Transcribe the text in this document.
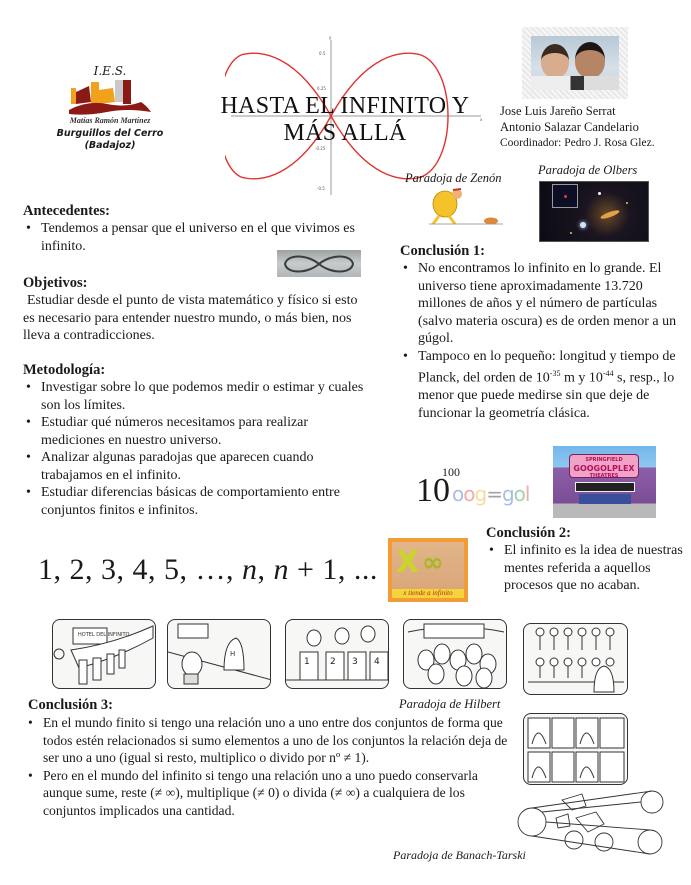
I.E.S.
Matías Ramón Martínez
Burguillos del Cerro
(Badajoz)
0.5
0.25
-0.25
-0.5
y
x
HASTA EL INFINITO Y
MÁS ALLÁ
Jose Luis Jareño Serrat
Antonio Salazar Candelario
Coordinador: Pedro J. Rosa Glez.
Paradoja de Zenón
Paradoja de Olbers
Antecedentes:
• Tendemos a pensar que el universo en el que vivimos es infinito.
Objetivos:
Estudiar desde el punto de vista matemático y físico si esto es necesario para entender nuestro mundo, o más bien, nos lleva a contradicciones.
Metodología:
• Investigar sobre lo que podemos medir o estimar y cuales son los límites.
• Estudiar qué números necesitamos para realizar mediciones en nuestro universo.
• Analizar algunas paradojas que aparecen cuando trabajamos en el infinito.
• Estudiar diferencias básicas de comportamiento entre conjuntos finitos e infinitos.
Conclusión 1:
• No encontramos lo infinito en lo grande. El universo tiene aproximadamente 13.720 millones de años y el número de partículas (salvo materia oscura) es de orden menor a un gúgol.
• Tampoco en lo pequeño: longitud y tiempo de Planck, del orden de $10^{-35}$ m y $10^{-44}$ s, resp., lo menor que puede medirse sin que deje de funcionar la geometría clásica.
100
10 oog=gol
SPRINGFIELD
GOOGOLPLEX
THEATRES
1, 2, 3, 4, 5, …, n, n + 1, ... X ∞
x tiende a infinito
Conclusión 2:
• El infinito es la idea de nuestras mentes referida a aquellos procesos que no acaban.
HOTEL DEL INFINITO
H
1 2 3 4
Paradoja de Hilbert
Conclusión 3:
• En el mundo finito si tengo una relación uno a uno entre dos conjuntos de forma que todos estén relacionados si sumo elementos a uno de los conjuntos la relación deja de ser uno a uno (igual si resto, multiplico o divido por nº ≠ 1).
• Pero en el mundo del infinito si tengo una relación uno a uno puedo conservarla aunque sume, reste (≠ ∞), multiplique (≠ 0) o divida (≠ ∞) a cualquiera de los conjuntos implicados una cantidad.
Paradoja de Banach-Tarski
